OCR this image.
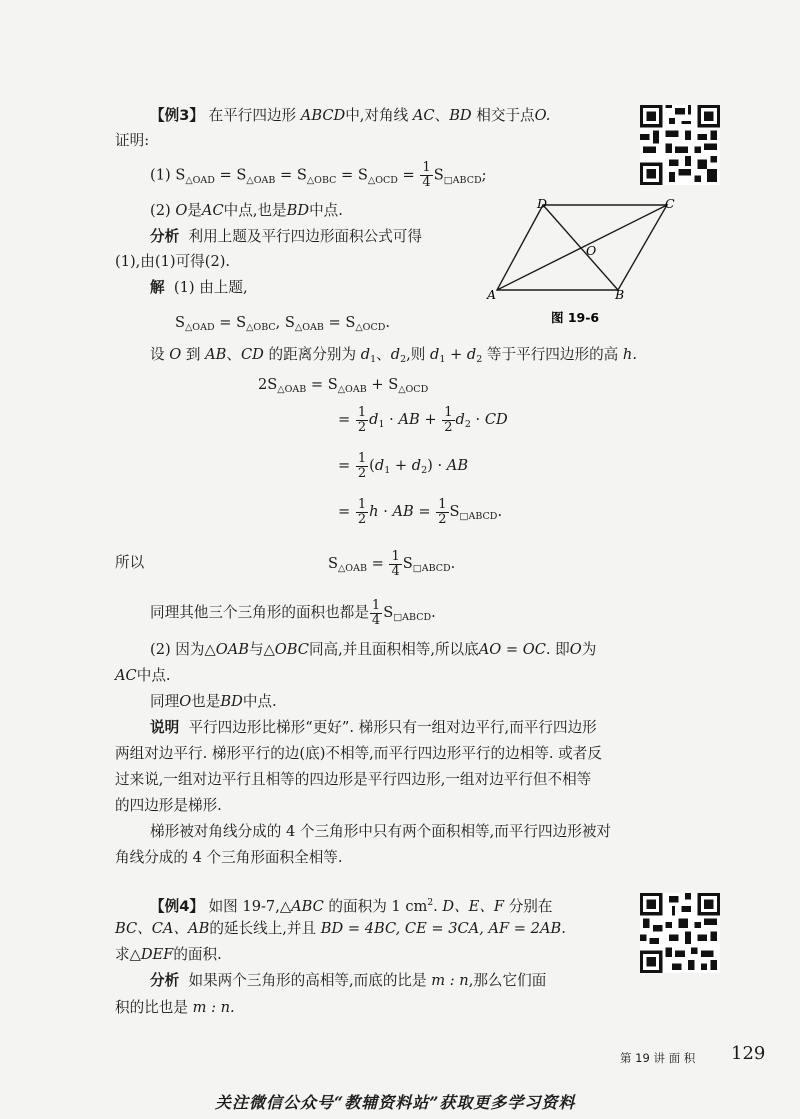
【例3】 在平行四边形 ABCD中,对角线 AC、BD 相交于点O.
证明:
(1) $S_{\triangle OAD} = S_{\triangle OAB} = S_{\triangle OBC} = S_{\triangle OCD} = \frac{1}{4} S_{□ABCD}$;
(2) O是AC中点,也是BD中点.
分析 利用上题及平行四边形面积公式可得
(1),由(1)可得(2).
解 (1) 由上题,
$S_{\triangle OAD} = S_{\triangle OBC}$, $S_{\triangle OAB} = S_{\triangle OCD}$.
A	B
C
D
O
图 19-6
设 O 到 AB、CD 的距离分别为 $d_1$、$d_2$,则 $d_1 + d_2$ 等于平行四边形的高 h.
$2S_{\triangle OAB} = S_{\triangle OAB} + S_{\triangle OCD}$
= $\frac{1}{2} d_1$ · AB + $\frac{1}{2} d_2$ · CD
= $\frac{1}{2} (d_1 + d_2)$ · AB
= $\frac{1}{2}$ h · AB = $\frac{1}{2} S_{□ABCD}$.
所以	$S_{\triangle OAB} = \frac{1}{4} S_{□ABCD}$.
同理其他三个三角形的面积也都是 $\frac{1}{4} S_{□ABCD}$.
(2) 因为△OAB与△OBC同高,并且面积相等,所以底AO = OC. 即O为
AC中点.
同理O也是BD中点.
说明 平行四边形比梯形“更好”. 梯形只有一组对边平行,而平行四边形
两组对边平行. 梯形平行的边(底)不相等,而平行四边形平行的边相等. 或者反
过来说,一组对边平行且相等的四边形是平行四边形,一组对边平行但不相等
的四边形是梯形.
梯形被对角线分成的 4 个三角形中只有两个面积相等,而平行四边形被对
角线分成的 4 个三角形面积全相等.
【例4】 如图 19-7,△ABC 的面积为 1 $cm^2$. D、E、F 分别在
BC、CA、AB的延长线上,并且 BD = 4BC, CE = 3CA, AF = 2AB.
求△DEF的面积.
分析 如果两个三角形的高相等,而底的比是 m : n,那么它们面
积的比也是 m : n.
第 19 讲 面 积 129
关注微信公众号“教辅资料站”获取更多学习资料
